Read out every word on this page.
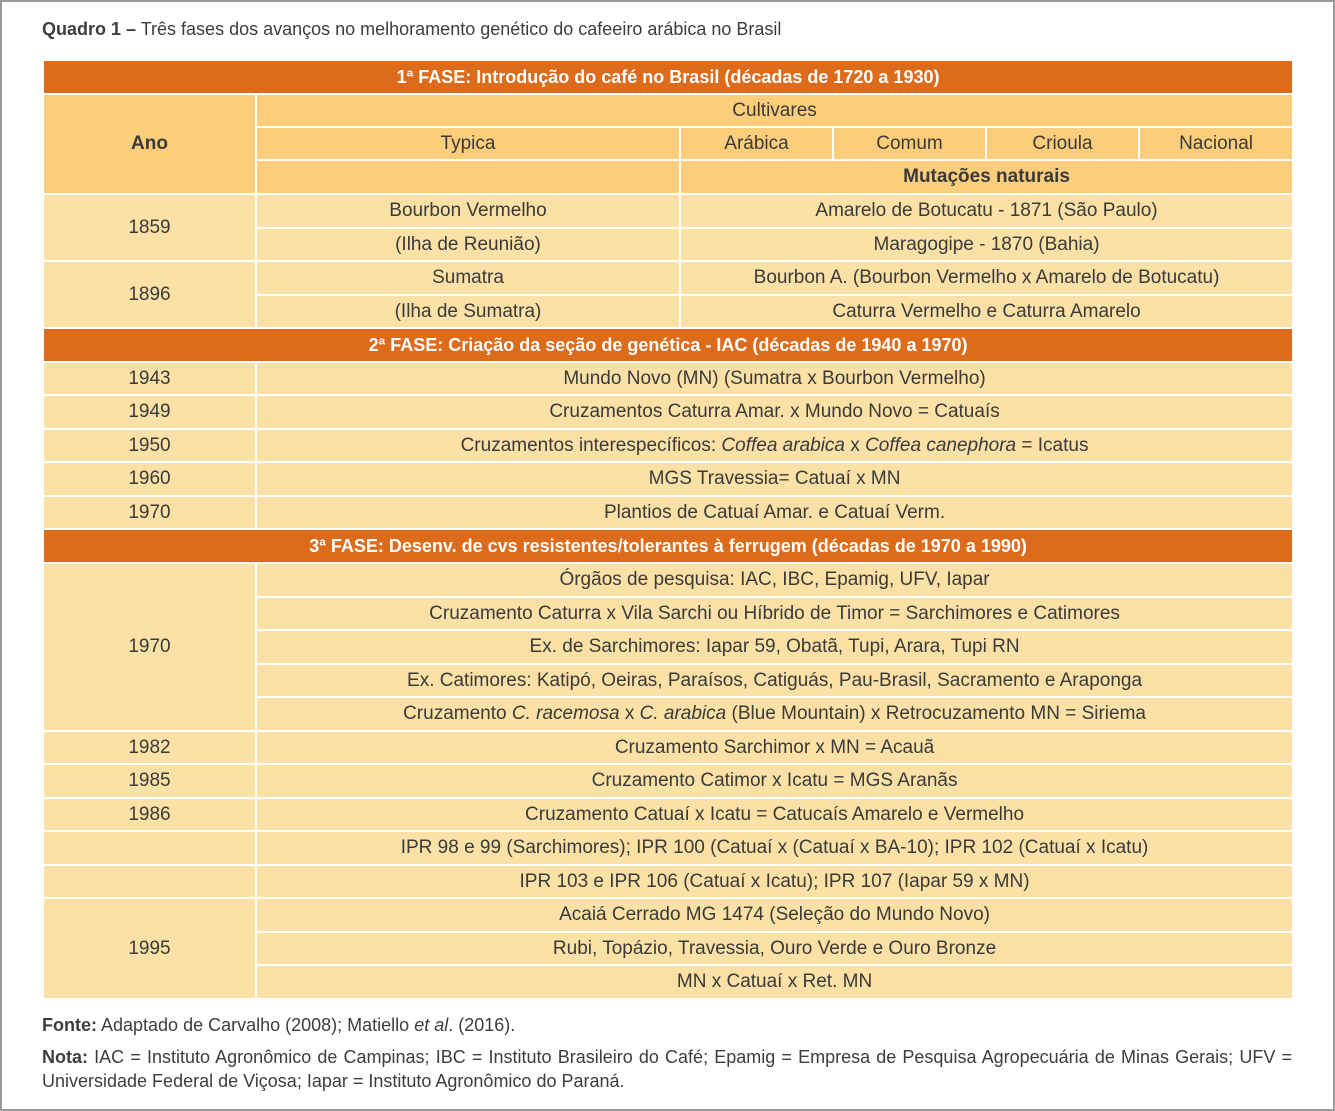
Quadro 1 – Três fases dos avanços no melhoramento genético do cafeeiro arábica no Brasil
1ª FASE: Introdução do café no Brasil (décadas de 1720 a 1930)					
Ano	Cultivares				
	Typica	Arábica	Comum	Crioula	Nacional
		Mutações naturais			
1859	Bourbon Vermelho	Amarelo de Botucatu - 1871 (São Paulo)			
	(Ilha de Reunião)	Maragogipe - 1870 (Bahia)			
1896	Sumatra	Bourbon A. (Bourbon Vermelho x Amarelo de Botucatu)			
	(Ilha de Sumatra)	Caturra Vermelho e Caturra Amarelo			
2ª FASE: Criação da seção de genética - IAC (décadas de 1940 a 1970)					
1943	Mundo Novo (MN) (Sumatra x Bourbon Vermelho)				
1949	Cruzamentos Caturra Amar. x Mundo Novo = Catuaís				
1950	Cruzamentos interespecíficos: Coffea arabica x Coffea canephora = Icatus				
1960	MGS Travessia= Catuaí x MN				
1970	Plantios de Catuaí Amar. e Catuaí Verm.				
3ª FASE: Desenv. de cvs resistentes/tolerantes à ferrugem (décadas de 1970 a 1990)					
1970	Órgãos de pesquisa: IAC, IBC, Epamig, UFV, Iapar				
	Cruzamento Caturra x Vila Sarchi ou Híbrido de Timor = Sarchimores e Catimores				
	Ex. de Sarchimores: Iapar 59, Obatã, Tupi, Arara, Tupi RN				
	Ex. Catimores: Katipó, Oeiras, Paraísos, Catiguás, Pau-Brasil, Sacramento e Araponga				
	Cruzamento C. racemosa x C. arabica (Blue Mountain) x Retrocuzamento MN = Siriema				
1982	Cruzamento Sarchimor x MN = Acauã				
1985	Cruzamento Catimor x Icatu = MGS Aranãs				
1986	Cruzamento Catuaí x Icatu = Catucaís Amarelo e Vermelho				
	IPR 98 e 99 (Sarchimores); IPR 100 (Catuaí x (Catuaí x BA-10); IPR 102 (Catuaí x Icatu)				
	IPR 103 e IPR 106 (Catuaí x Icatu); IPR 107 (Iapar 59 x MN)				
1995	Acaiá Cerrado MG 1474 (Seleção do Mundo Novo)				
	Rubi, Topázio, Travessia, Ouro Verde e Ouro Bronze				
	MN x Catuaí x Ret. MN				

Fonte: Adaptado de Carvalho (2008); Matiello et al. (2016).

Nota: IAC = Instituto Agronômico de Campinas; IBC = Instituto Brasileiro do Café; Epamig = Empresa de Pesquisa Agropecuária de Minas Gerais; UFV = Universidade Federal de Viçosa; Iapar = Instituto Agronômico do Paraná.
